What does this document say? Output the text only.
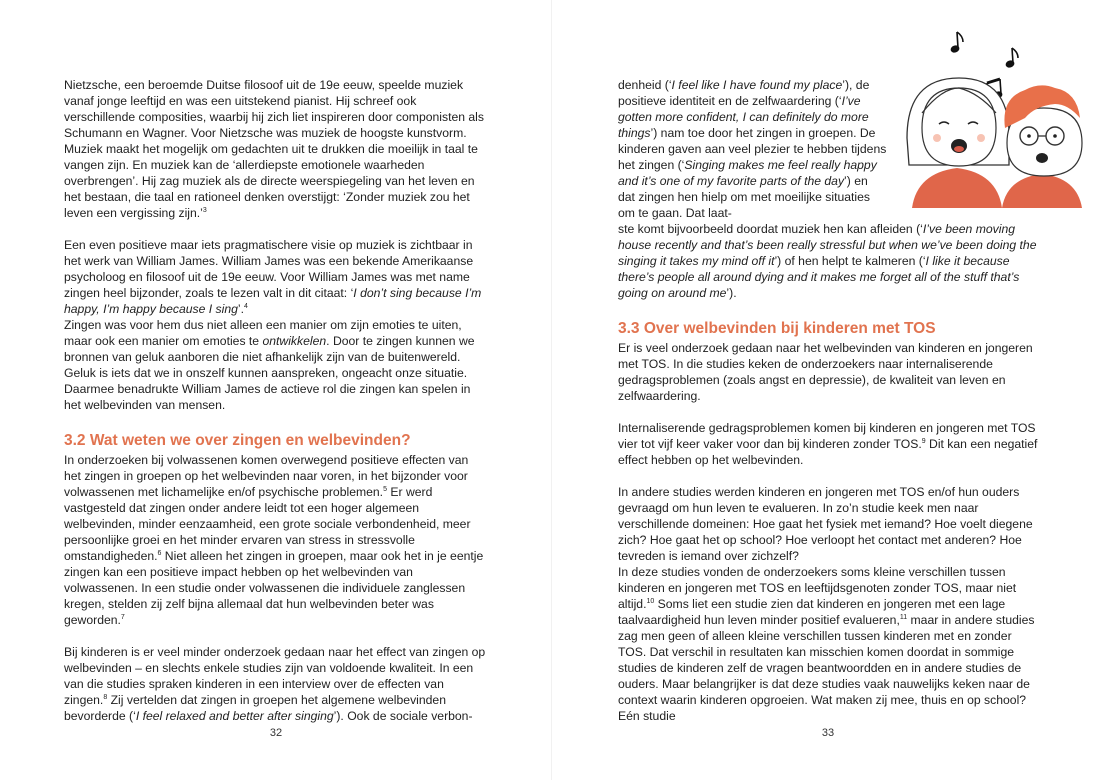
Nietzsche, een beroemde Duitse filosoof uit de 19e eeuw, speelde muziek vanaf jonge leeftijd en was een uitstekend pianist. Hij schreef ook verschillende composities, waarbij hij zich liet inspireren door componisten als Schumann en Wagner. Voor Nietzsche was muziek de hoogste kunstvorm. Muziek maakt het mogelijk om gedachten uit te drukken die moeilijk in taal te vangen zijn. En muziek kan de ‘allerdiepste emotionele waarheden overbrengen’. Hij zag muziek als de directe weerspiegeling van het leven en het bestaan, die taal en rationeel denken overstijgt: ‘Zonder muziek zou het leven een vergissing zijn.’$^3$

Een even positieve maar iets pragmatischere visie op muziek is zichtbaar in het werk van William James. William James was een bekende Amerikaanse psycholoog en filosoof uit de 19e eeuw. Voor William James was met name zingen heel bijzonder, zoals te lezen valt in dit citaat: ‘I don’t sing because I’m happy, I’m happy because I sing’.$^4$

Zingen was voor hem dus niet alleen een manier om zijn emoties te uiten, maar ook een manier om emoties te ontwikkelen. Door te zingen kunnen we bronnen van geluk aanboren die niet afhankelijk zijn van de buitenwereld. Geluk is iets dat we in onszelf kunnen aanspreken, ongeacht onze situatie. Daarmee benadrukte William James de actieve rol die zingen kan spelen in het welbevinden van mensen.

3.2 Wat weten we over zingen en welbevinden?

In onderzoeken bij volwassenen komen overwegend positieve effecten van het zingen in groepen op het welbevinden naar voren, in het bijzonder voor volwassenen met lichamelijke en/of psychische problemen.$^5$ Er werd vastgesteld dat zingen onder andere leidt tot een hoger algemeen welbevinden, minder eenzaamheid, een grote sociale verbondenheid, meer persoonlijke groei en het minder ervaren van stress in stressvolle omstandigheden.$^6$ Niet alleen het zingen in groepen, maar ook het in je eentje zingen kan een positieve impact hebben op het welbevinden van volwassenen. In een studie onder volwassenen die individuele zanglessen kregen, stelden zij zelf bijna allemaal dat hun welbevinden beter was geworden.$^7$

Bij kinderen is er veel minder onderzoek gedaan naar het effect van zingen op welbevinden – en slechts enkele studies zijn van voldoende kwaliteit. In een van die studies spraken kinderen in een interview over de effecten van zingen.$^8$ Zij vertelden dat zingen in groepen het algemene welbevinden bevorderde (‘I feel relaxed and better after singing’). Ook de sociale verbon-

32

denheid (‘I feel like I have found my place’), de positieve identiteit en de zelfwaardering (‘I’ve gotten more confident, I can definitely do more things’) nam toe door het zingen in groepen. De kinderen gaven aan veel plezier te hebben tijdens het zingen (‘Singing makes me feel really happy and it’s one of my favorite parts of the day’) en dat zingen hen hielp om met moeilijke situaties om te gaan. Dat laat-

ste komt bijvoorbeeld doordat muziek hen kan afleiden (‘I’ve been moving house recently and that’s been really stressful but when we’ve been doing the singing it takes my mind off it’) of hen helpt te kalmeren (‘I like it because there’s people all around dying and it makes me forget all of the stuff that’s going on around me’).

3.3 Over welbevinden bij kinderen met TOS

Er is veel onderzoek gedaan naar het welbevinden van kinderen en jongeren met TOS. In die studies keken de onderzoekers naar internaliserende gedragsproblemen (zoals angst en depressie), de kwaliteit van leven en zelfwaardering.

Internaliserende gedragsproblemen komen bij kinderen en jongeren met TOS vier tot vijf keer vaker voor dan bij kinderen zonder TOS.$^9$ Dit kan een negatief effect hebben op het welbevinden.

In andere studies werden kinderen en jongeren met TOS en/of hun ouders gevraagd om hun leven te evalueren. In zo’n studie keek men naar verschillende domeinen: Hoe gaat het fysiek met iemand? Hoe voelt diegene zich? Hoe gaat het op school? Hoe verloopt het contact met anderen? Hoe tevreden is iemand over zichzelf?

In deze studies vonden de onderzoekers soms kleine verschillen tussen kinderen en jongeren met TOS en leeftijdsgenoten zonder TOS, maar niet altijd.$^{10}$ Soms liet een studie zien dat kinderen en jongeren met een lage taalvaardigheid hun leven minder positief evalueren,$^{11}$ maar in andere studies zag men geen of alleen kleine verschillen tussen kinderen met en zonder TOS. Dat verschil in resultaten kan misschien komen doordat in sommige studies de kinderen zelf de vragen beantwoordden en in andere studies de ouders. Maar belangrijker is dat deze studies vaak nauwelijks keken naar de context waarin kinderen opgroeien. Wat maken zij mee, thuis en op school? Eén studie

33
